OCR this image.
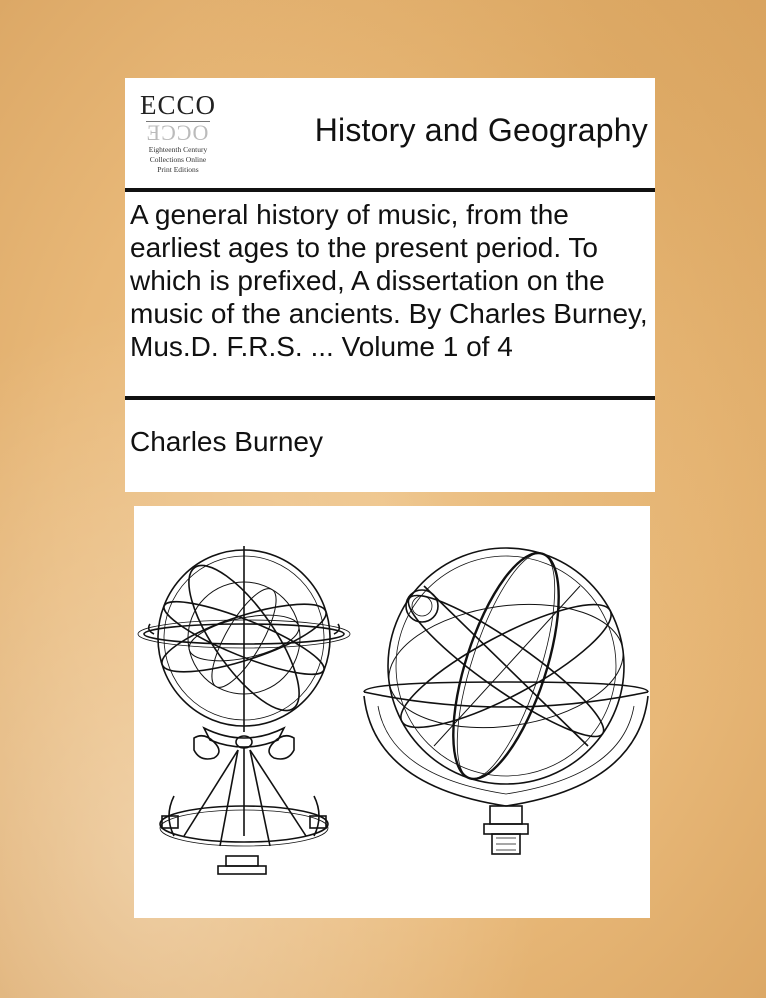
ECCO
ƎƆƆO
Eighteenth Century
Collections Online
Print Editions
History and Geography
A general history of music, from the earliest ages to the present period. To which is prefixed, A dissertation on the music of the ancients. By Charles Burney, Mus.D. F.R.S. ... Volume 1 of 4
Charles Burney
